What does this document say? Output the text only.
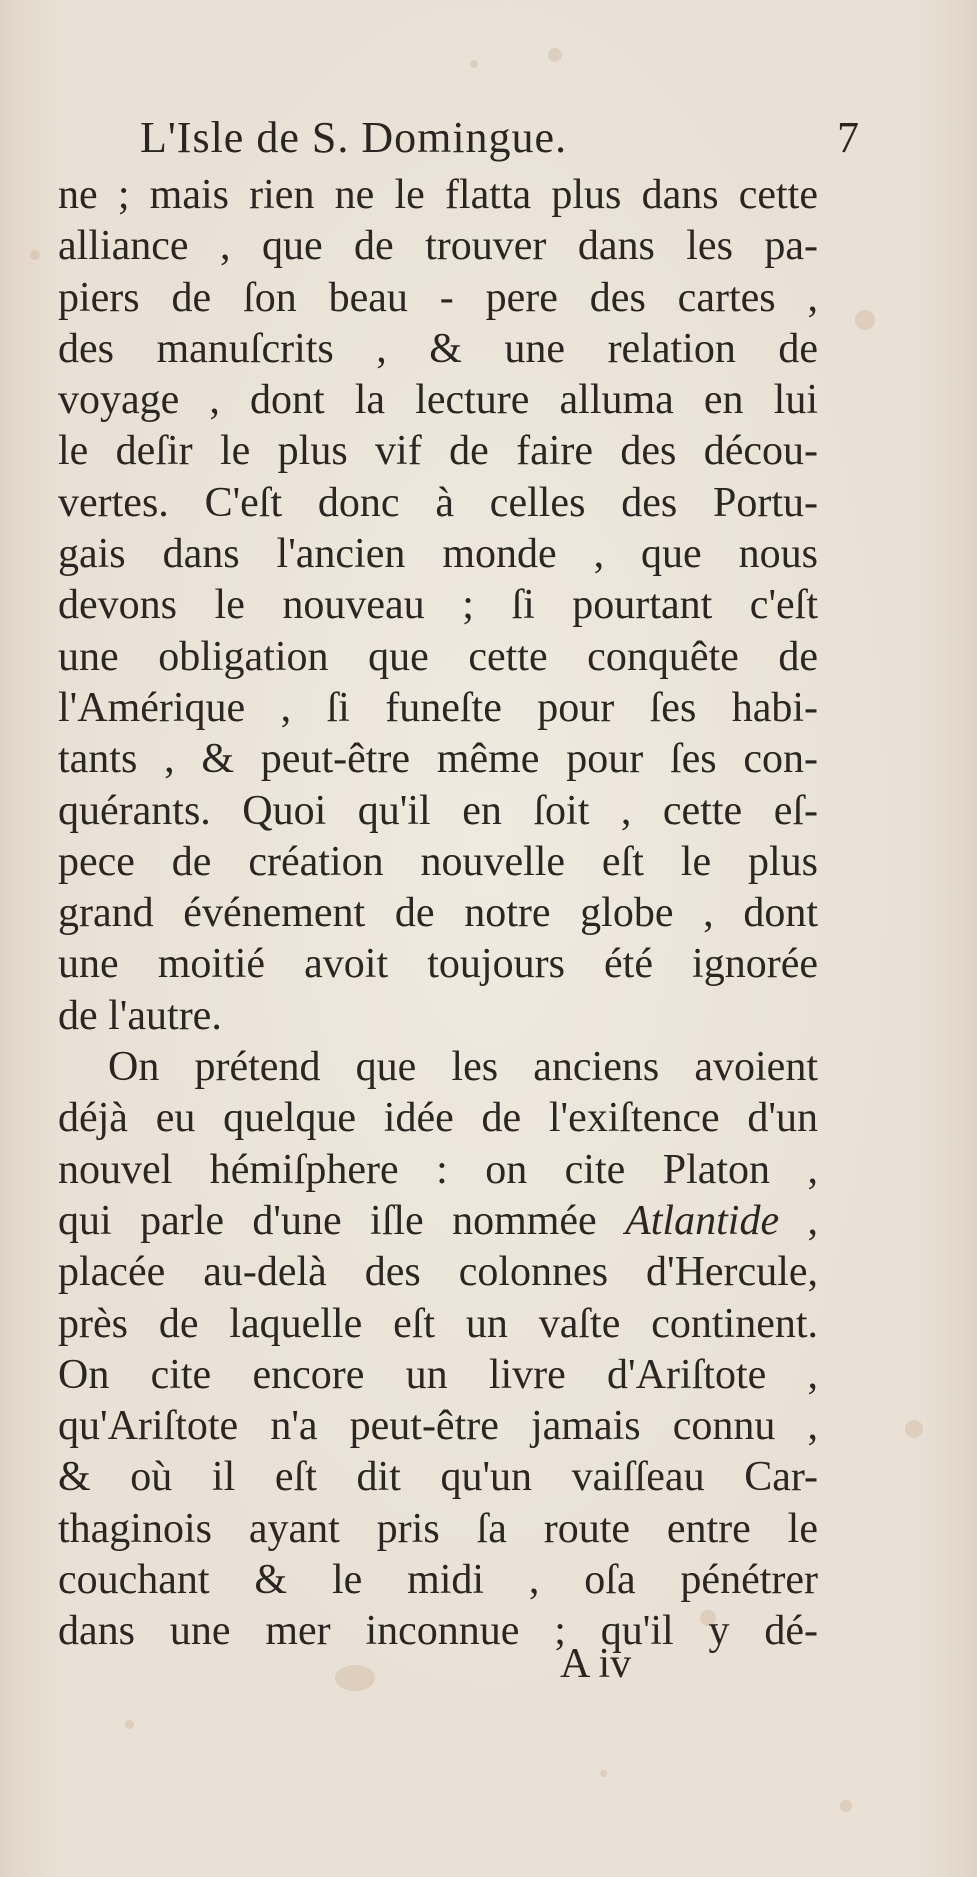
L'Isle de S. Domingue.	7
ne ; mais rien ne le flatta plus dans cette
alliance , que de trouver dans les pa-
piers de ſon beau - pere des cartes ,
des manuſcrits , & une relation de
voyage , dont la lecture alluma en lui
le deſir le plus vif de faire des décou-
vertes. C'eſt donc à celles des Portu-
gais dans l'ancien monde , que nous
devons le nouveau ; ſi pourtant c'eſt
une obligation que cette conquête de
l'Amérique , ſi funeſte pour ſes habi-
tants , & peut-être même pour ſes con-
quérants. Quoi qu'il en ſoit , cette eſ-
pece de création nouvelle eſt le plus
grand événement de notre globe , dont
une moitié avoit toujours été ignorée
de l'autre.
On prétend que les anciens avoient
déjà eu quelque idée de l'exiſtence d'un
nouvel hémiſphere : on cite Platon ,
qui parle d'une iſle nommée Atlantide ,
placée au-delà des colonnes d'Hercule,
près de laquelle eſt un vaſte continent.
On cite encore un livre d'Ariſtote ,
qu'Ariſtote n'a peut-être jamais connu ,
& où il eſt dit qu'un vaiſſeau Car-
thaginois ayant pris ſa route entre le
couchant & le midi , oſa pénétrer
dans une mer inconnue ; qu'il y dé-
A iv
